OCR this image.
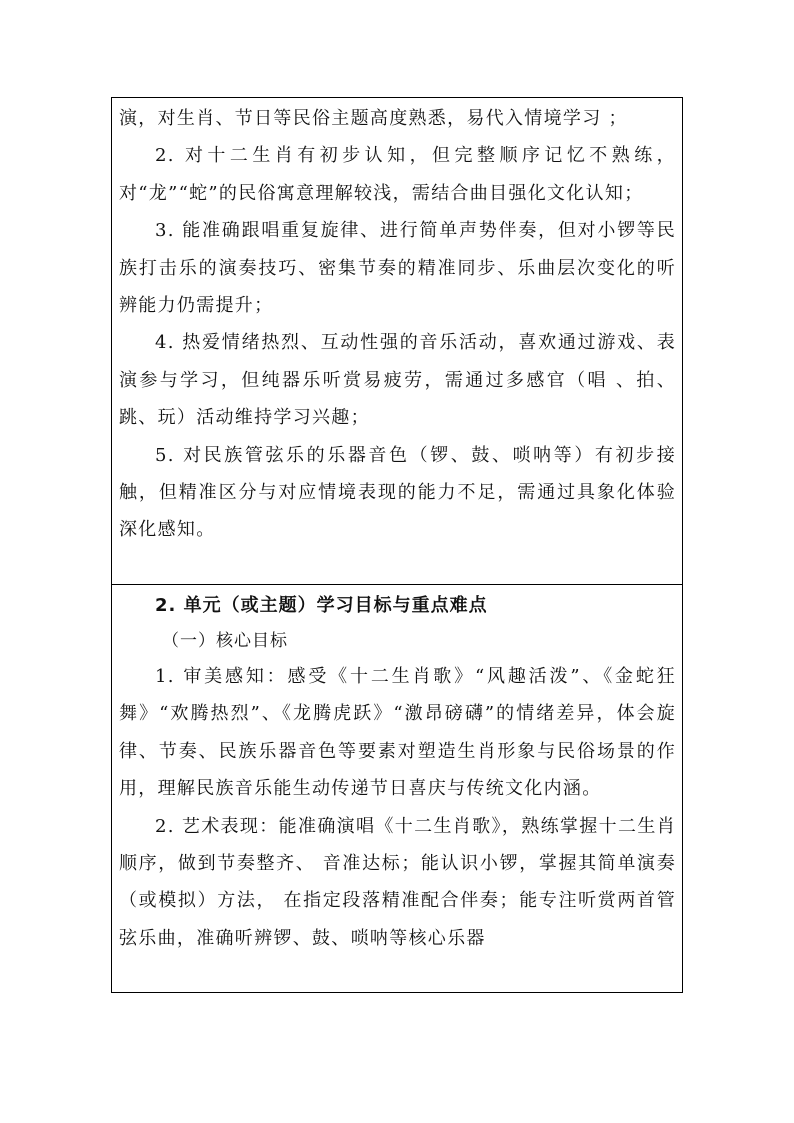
演，对生肖、节日等民俗主题高度熟悉，易代入情境学习 ；

2. 对十二生肖有初步认知，但完整顺序记忆不熟练，对“龙”“蛇”的民俗寓意理解较浅，需结合曲目强化文化认知；

3. 能准确跟唱重复旋律、进行简单声势伴奏，但对小锣等民族打击乐的演奏技巧、密集节奏的精准同步、乐曲层次变化的听辨能力仍需提升；

4. 热爱情绪热烈、互动性强的音乐活动，喜欢通过游戏、表演参与学习，但纯器乐听赏易疲劳，需通过多感官（唱 、拍、跳、玩）活动维持学习兴趣；

5. 对民族管弦乐的乐器音色（锣、鼓、唢呐等）有初步接触，但精准区分与对应情境表现的能力不足，需通过具象化体验深化感知。

2. 单元（或主题）学习目标与重点难点

（一）核心目标

1. 审美感知：感受《十二生肖歌》“风趣活泼”、《金蛇狂舞》“欢腾热烈”、《龙腾虎跃》“激昂磅礴”的情绪差异，体会旋律、节奏、民族乐器音色等要素对塑造生肖形象与民俗场景的作用，理解民族音乐能生动传递节日喜庆与传统文化内涵。

2. 艺术表现：能准确演唱《十二生肖歌》，熟练掌握十二生肖顺序，做到节奏整齐、 音准达标；能认识小锣，掌握其简单演奏（或模拟）方法， 在指定段落精准配合伴奏；能专注听赏两首管弦乐曲，准确听辨锣、鼓、唢呐等核心乐器
